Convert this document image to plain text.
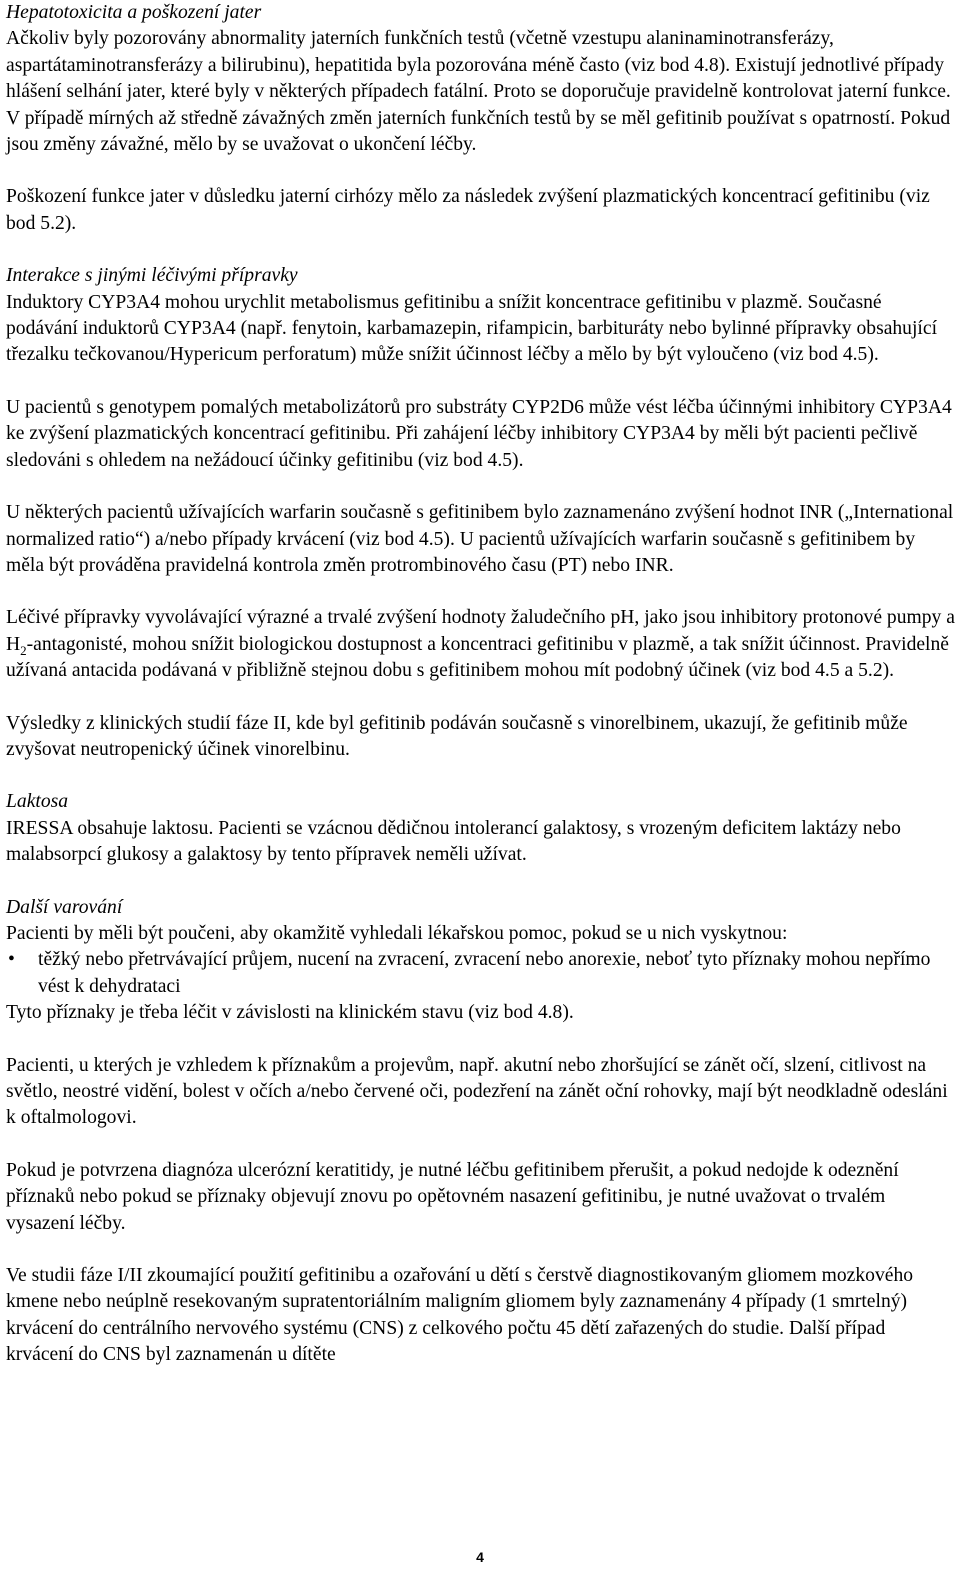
Hepatotoxicita a poškození jater

Ačkoliv byly pozorovány abnormality jaterních funkčních testů (včetně vzestupu alaninaminotransferázy, aspartátaminotransferázy a bilirubinu), hepatitida byla pozorována méně často (viz bod 4.8). Existují jednotlivé případy hlášení selhání jater, které byly v některých případech fatální. Proto se doporučuje pravidelně kontrolovat jaterní funkce. V případě mírných až středně závažných změn jaterních funkčních testů by se měl gefitinib používat s opatrností. Pokud jsou změny závažné, mělo by se uvažovat o ukončení léčby.

Poškození funkce jater v důsledku jaterní cirhózy mělo za následek zvýšení plazmatických koncentrací gefitinibu (viz bod 5.2).

Interakce s jinými léčivými přípravky

Induktory CYP3A4 mohou urychlit metabolismus gefitinibu a snížit koncentrace gefitinibu v plazmě. Současné podávání induktorů CYP3A4 (např. fenytoin, karbamazepin, rifampicin, barbituráty nebo bylinné přípravky obsahující třezalku tečkovanou/Hypericum perforatum) může snížit účinnost léčby a mělo by být vyloučeno (viz bod 4.5).

U pacientů s genotypem pomalých metabolizátorů pro substráty CYP2D6 může vést léčba účinnými inhibitory CYP3A4 ke zvýšení plazmatických koncentrací gefitinibu. Při zahájení léčby inhibitory CYP3A4 by měli být pacienti pečlivě sledováni s ohledem na nežádoucí účinky gefitinibu (viz bod 4.5).

U některých pacientů užívajících warfarin současně s gefitinibem bylo zaznamenáno zvýšení hodnot INR („International normalized ratio“) a/nebo případy krvácení (viz bod 4.5). U pacientů užívajících warfarin současně s gefitinibem by měla být prováděna pravidelná kontrola změn protrombinového času (PT) nebo INR.

Léčivé přípravky vyvolávající výrazné a trvalé zvýšení hodnoty žaludečního pH, jako jsou inhibitory protonové pumpy a $H_2$-antagonisté, mohou snížit biologickou dostupnost a koncentraci gefitinibu v plazmě, a tak snížit účinnost. Pravidelně užívaná antacida podávaná v přibližně stejnou dobu s gefitinibem mohou mít podobný účinek (viz bod 4.5 a 5.2).

Výsledky z klinických studií fáze II, kde byl gefitinib podáván současně s vinorelbinem, ukazují, že gefitinib může zvyšovat neutropenický účinek vinorelbinu.

Laktosa

IRESSA obsahuje laktosu. Pacienti se vzácnou dědičnou intolerancí galaktosy, s vrozeným deficitem laktázy nebo malabsorpcí glukosy a galaktosy by tento přípravek neměli užívat.

Další varování

Pacienti by měli být poučeni, aby okamžitě vyhledali lékařskou pomoc, pokud se u nich vyskytnou:

•	těžký nebo přetrvávající průjem, nucení na zvracení, zvracení nebo anorexie, neboť tyto příznaky mohou nepřímo vést k dehydrataci

Tyto příznaky je třeba léčit v závislosti na klinickém stavu (viz bod 4.8).

Pacienti, u kterých je vzhledem k příznakům a projevům, např. akutní nebo zhoršující se zánět očí, slzení, citlivost na světlo, neostré vidění, bolest v očích a/nebo červené oči, podezření na zánět oční rohovky, mají být neodkladně odesláni k oftalmologovi.

Pokud je potvrzena diagnóza ulcerózní keratitidy, je nutné léčbu gefitinibem přerušit, a pokud nedojde k odeznění příznaků nebo pokud se příznaky objevují znovu po opětovném nasazení gefitinibu, je nutné uvažovat o trvalém vysazení léčby.

Ve studii fáze I/II zkoumající použití gefitinibu a ozařování u dětí s čerstvě diagnostikovaným gliomem mozkového kmene nebo neúplně resekovaným supratentoriálním maligním gliomem byly zaznamenány 4 případy (1 smrtelný) krvácení do centrálního nervového systému (CNS) z celkového počtu 45 dětí zařazených do studie. Další případ krvácení do CNS byl zaznamenán u dítěte

4
